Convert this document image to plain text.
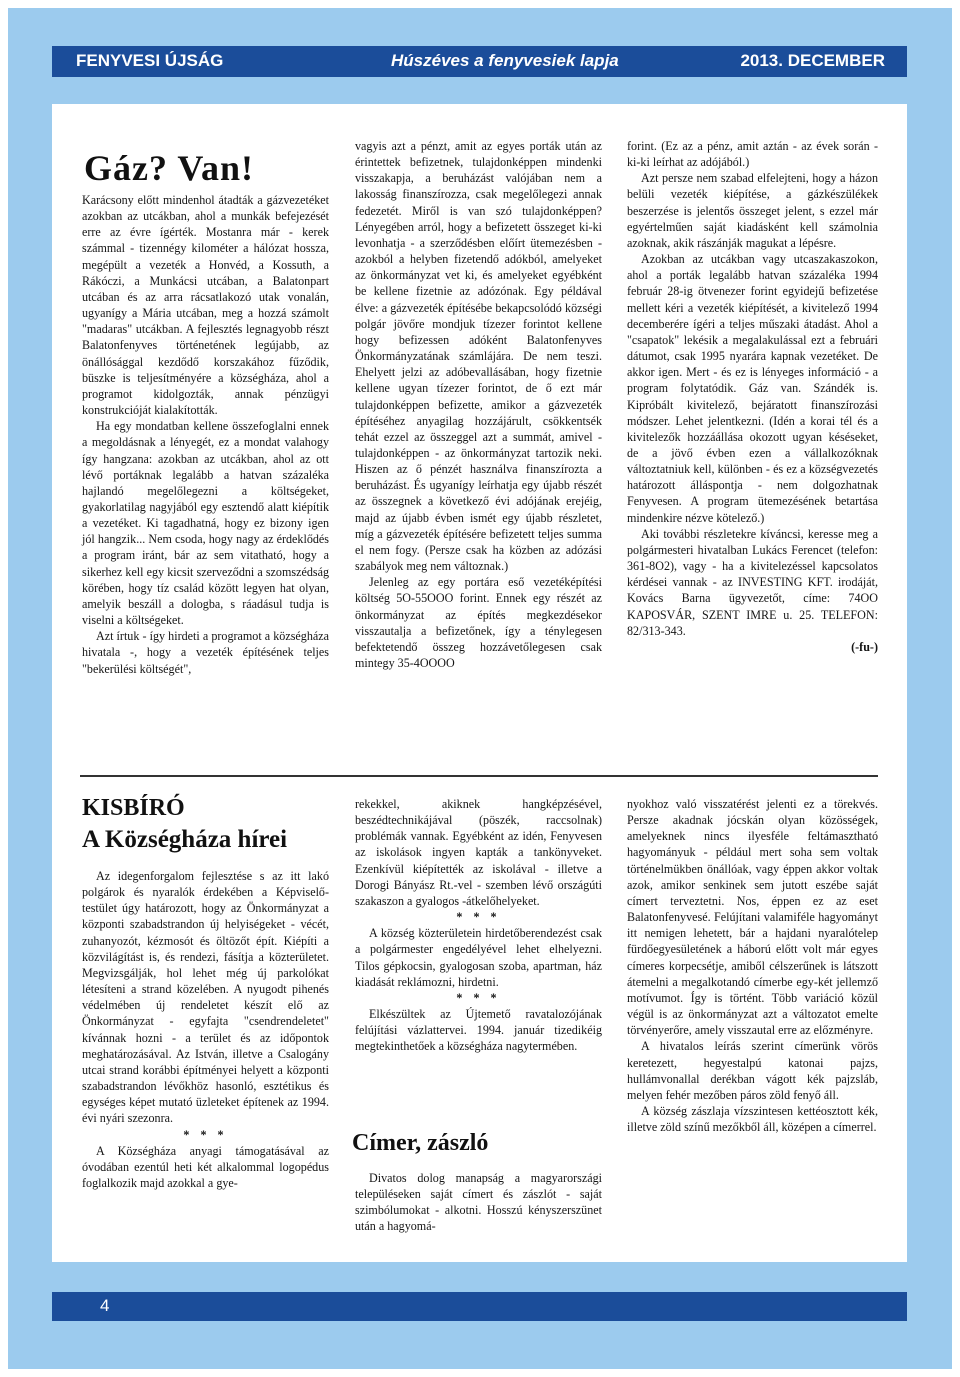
FENYVESI ÚJSÁG	Húszéves a fenyvesiek lapja	2013. DECEMBER
Gáz? Van!

Karácsony előtt mindenhol átadták a gázvezetéket azokban az utcákban, ahol a munkák befejezését erre az évre ígérték. Mostanra már - kerek számmal - tizennégy kilométer a hálózat hossza, megépült a vezeték a Honvéd, a Kossuth, a Rákóczi, a Munkácsi utcában, a Balatonpart utcában és az arra rácsatlakozó utak vonalán, ugyanígy a Mária utcában, meg a hozzá számolt "madaras" utcákban. A fejlesztés legnagyobb részt Balatonfenyves történetének legújabb, az önállósággal kezdődő korszakához fűződik, büszke is teljesítményére a községháza, ahol a programot kidolgozták, annak pénzügyi konstrukcióját kialakították.

Ha egy mondatban kellene összefoglalni ennek a megoldásnak a lényegét, ez a mondat valahogy így hangzana: azokban az utcákban, ahol az ott lévő portáknak legalább a hatvan százaléka hajlandó megelőlegezni a költségeket, gyakorlatilag nagyjából egy esztendő alatt kiépítik a vezetéket. Ki tagadhatná, hogy ez bizony igen jól hangzik... Nem csoda, hogy nagy az érdeklődés a program iránt, bár az sem vitatható, hogy a sikerhez kell egy kicsit szerveződni a szomszédság körében, hogy tíz család között legyen hat olyan, amelyik beszáll a dologba, s ráadásul tudja is viselni a költségeket.

Azt írtuk - így hirdeti a programot a községháza hivatala -, hogy a vezeték építésének teljes "bekerülési költségét",

vagyis azt a pénzt, amit az egyes porták után az érintettek befizetnek, tulajdonképpen mindenki visszakapja, a beruházást valójában nem a lakosság finanszírozza, csak megelőlegezi annak fedezetét. Miről is van szó tulajdonképpen? Lényegében arról, hogy a befizetett összeget ki-ki levonhatja - a szerződésben előírt ütemezésben - azokból a helyben fizetendő adókból, amelyeket az önkormányzat vet ki, és amelyeket egyébként be kellene fizetnie az adózónak. Egy példával élve: a gázvezeték építésébe bekapcsolódó községi polgár jövőre mondjuk tízezer forintot kellene hogy befizessen adóként Balatonfenyves Önkormányzatának számlájára. De nem teszi. Ehelyett jelzi az adóbevallásában, hogy fizetnie kellene ugyan tízezer forintot, de ő ezt már tulajdonképpen befizette, amikor a gázvezeték építéséhez anyagilag hozzájárult, csökkentsék tehát ezzel az összeggel azt a summát, amivel - tulajdonképpen - az önkormányzat tartozik neki. Hiszen az ő pénzét használva finanszírozta a beruházást. És ugyanígy leírhatja egy újabb részét az összegnek a következő évi adójának erejéig, majd az újabb évben ismét egy újabb részletet, míg a gázvezeték építésére befizetett teljes summa el nem fogy. (Persze csak ha közben az adózási szabályok meg nem változnak.)

Jelenleg az egy portára eső vezetéképítési költség 5O-55OOO forint. Ennek egy részét az önkormányzat az építés megkezdésekor visszautalja a befizetőnek, így a ténylegesen befektetendő összeg hozzávetőlegesen csak mintegy 35-4OOOO

forint. (Ez az a pénz, amit aztán - az évek során - ki-ki leírhat az adójából.)

Azt persze nem szabad elfelejteni, hogy a házon belüli vezeték kiépítése, a gázkészülékek beszerzése is jelentős összeget jelent, s ezzel már egyértelműen saját kiadásként kell számolnia azoknak, akik rászánják magukat a lépésre.

Azokban az utcákban vagy utcaszakaszokon, ahol a porták legalább hatvan százaléka 1994 február 28-ig ötvenezer forint egyidejű befizetése mellett kéri a vezeték kiépítését, a kivitelező 1994 decemberére ígéri a teljes műszaki átadást. Ahol a "csapatok" lekésik a megalakulással ezt a februári dátumot, csak 1995 nyarára kapnak vezetéket. De akkor igen. Mert - és ez is lényeges információ - a program folytatódik. Gáz van. Szándék is. Kipróbált kivitelező, bejáratott finanszírozási módszer. Lehet jelentkezni. (Idén a korai tél és a kivitelezők hozzáállása okozott ugyan késéseket, de a jövő évben ezen a vállalkozóknak változtatniuk kell, különben - és ez a községvezetés határozott álláspontja - nem dolgozhatnak Fenyvesen. A program ütemezésének betartása mindenkire nézve kötelező.)

Aki további részletekre kíváncsi, keresse meg a polgármesteri hivatalban Lukács Ferencet (telefon: 361-8O2), vagy - ha a kivitelezéssel kapcsolatos kérdései vannak - az INVESTING KFT. irodáját, Kovács Barna ügyvezetőt, címe: 74OO KAPOSVÁR, SZENT IMRE u. 25. TELEFON: 82/313-343.

(-fu-)

KISBÍRÓ
A Községháza hírei

Az idegenforgalom fejlesztése s az itt lakó polgárok és nyaralók érdekében a Képviselő-testület úgy határozott, hogy az Önkormányzat a központi szabadstrandon új helyiségeket - vécét, zuhanyozót, kézmosót és öltözőt épít. Kiépíti a közvilágítást is, és rendezi, fásítja a közterületet. Megvizsgálják, hol lehet még új parkolókat létesíteni a strand közelében. A nyugodt pihenés védelmében új rendeletet készít elő az Önkormányzat - egyfajta "csendrendeletet" kívánnak hozni - a terület és az időpontok meghatározásával. Az István, illetve a Csalogány utcai strand korábbi építményei helyett a központi szabadstrandon lévőkhöz hasonló, esztétikus és egységes képet mutató üzleteket építenek az 1994. évi nyári szezonra.

* * *

A Községháza anyagi támogatásával az óvodában ezentúl heti két alkalommal logopédus foglalkozik majd azokkal a gye-

rekekkel, akiknek hangképzésével, beszédtechnikájával (pöszék, raccsolnak) problémák vannak. Egyébként az idén, Fenyvesen az iskolások ingyen kapták a tankönyveket. Ezenkívül kiépítették az iskolával - illetve a Dorogi Bányász Rt.-vel - szemben lévő országúti szakaszon a gyalogos -átkelőhelyeket.

* * *

A község közterületein hirdetőberendezést csak a polgármester engedélyével lehet elhelyezni. Tilos gépkocsin, gyalogosan szoba, apartman, ház kiadását reklámozni, hirdetni.

* * *

Elkészültek az Újtemető ravatalozójának felújítási vázlattervei. 1994. január tizedikéig megtekinthetőek a községháza nagytermében.

Címer, zászló

Divatos dolog manapság a magyarországi településeken saját címert és zászlót - saját szimbólumokat - alkotni. Hosszú kényszerszünet után a hagyomá-

nyokhoz való visszatérést jelenti ez a törekvés. Persze akadnak jócskán olyan közösségek, amelyeknek nincs ilyesféle feltámasztható hagyományuk - például mert soha sem voltak történelmükben önállóak, vagy éppen akkor voltak azok, amikor senkinek sem jutott eszébe saját címert terveztetni. Nos, éppen ez az eset Balatonfenyvesé. Felújítani valamiféle hagyományt itt nemigen lehetett, bár a hajdani nyaralótelep fürdőegyesületének a háború előtt volt már egyes címeres korpecsétje, amiből célszerűnek is látszott átemelni a megalkotandó címerbe egy-két jellemző motívumot. Így is történt. Több variáció közül végül is az önkormányzat azt a változatot emelte törvényerőre, amely visszautal erre az előzményre.

A hivatalos leírás szerint címerünk vörös keretezett, hegyestalpú katonai pajzs, hullámvonallal derékban vágott kék pajzsláb, melyen fehér mezőben páros zöld fenyő áll.

A község zászlaja vízszintesen kettéosztott kék, illetve zöld színű mezőkből áll, középen a címerrel.

4
